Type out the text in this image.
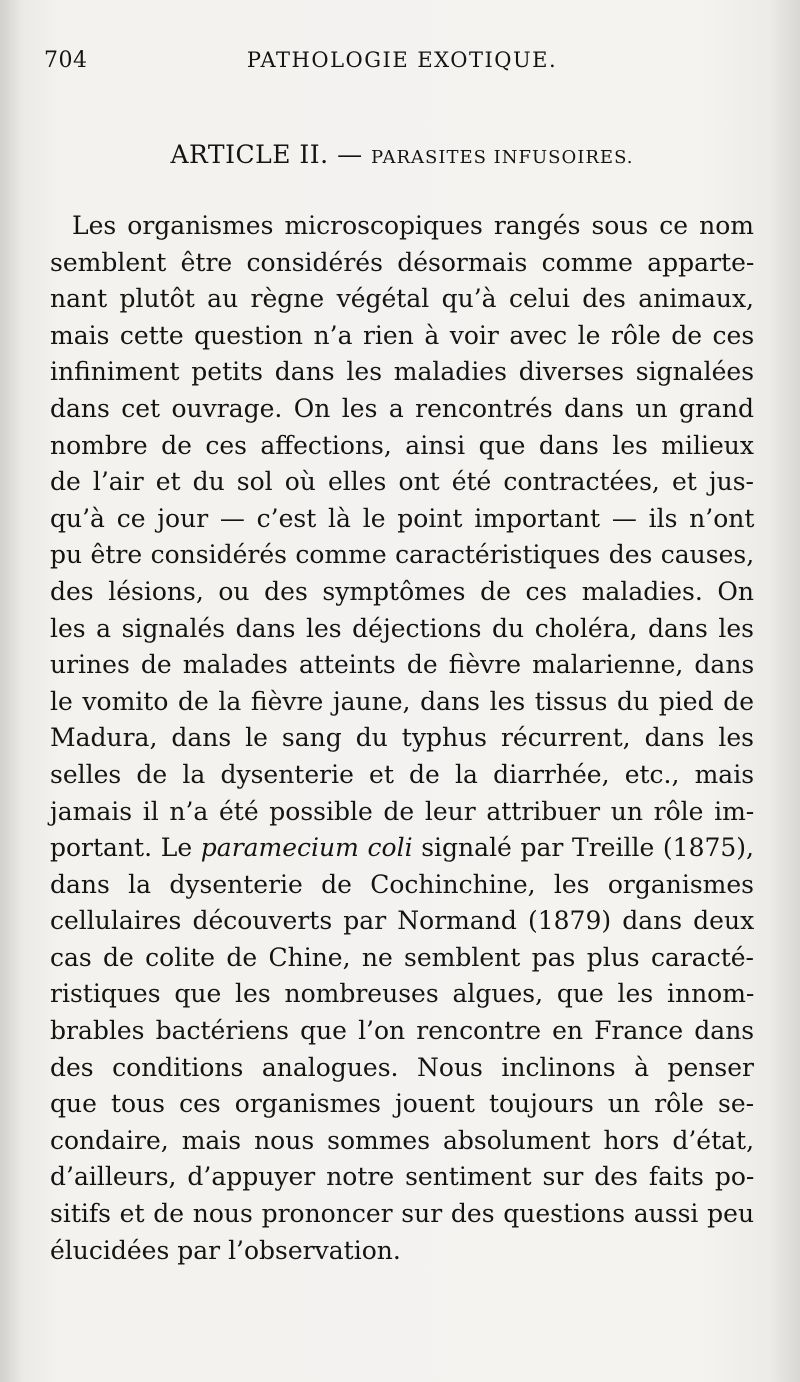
704	PATHOLOGIE EXOTIQUE.
ARTICLE II. — PARASITES INFUSOIRES.
Les organismes microscopiques rangés sous ce nom
semblent être considérés désormais comme apparte-
nant plutôt au règne végétal qu’à celui des animaux,
mais cette question n’a rien à voir avec le rôle de ces
infiniment petits dans les maladies diverses signalées
dans cet ouvrage. On les a rencontrés dans un grand
nombre de ces affections, ainsi que dans les milieux
de l’air et du sol où elles ont été contractées, et jus-
qu’à ce jour — c’est là le point important — ils n’ont
pu être considérés comme caractéristiques des causes,
des lésions, ou des symptômes de ces maladies. On
les a signalés dans les déjections du choléra, dans les
urines de malades atteints de fièvre malarienne, dans
le vomito de la fièvre jaune, dans les tissus du pied de
Madura, dans le sang du typhus récurrent, dans les
selles de la dysenterie et de la diarrhée, etc., mais
jamais il n’a été possible de leur attribuer un rôle im-
portant. Le paramecium coli signalé par Treille (1875),
dans la dysenterie de Cochinchine, les organismes
cellulaires découverts par Normand (1879) dans deux
cas de colite de Chine, ne semblent pas plus caracté-
ristiques que les nombreuses algues, que les innom-
brables bactériens que l’on rencontre en France dans
des conditions analogues. Nous inclinons à penser
que tous ces organismes jouent toujours un rôle se-
condaire, mais nous sommes absolument hors d’état,
d’ailleurs, d’appuyer notre sentiment sur des faits po-
sitifs et de nous prononcer sur des questions aussi peu
élucidées par l’observation.
